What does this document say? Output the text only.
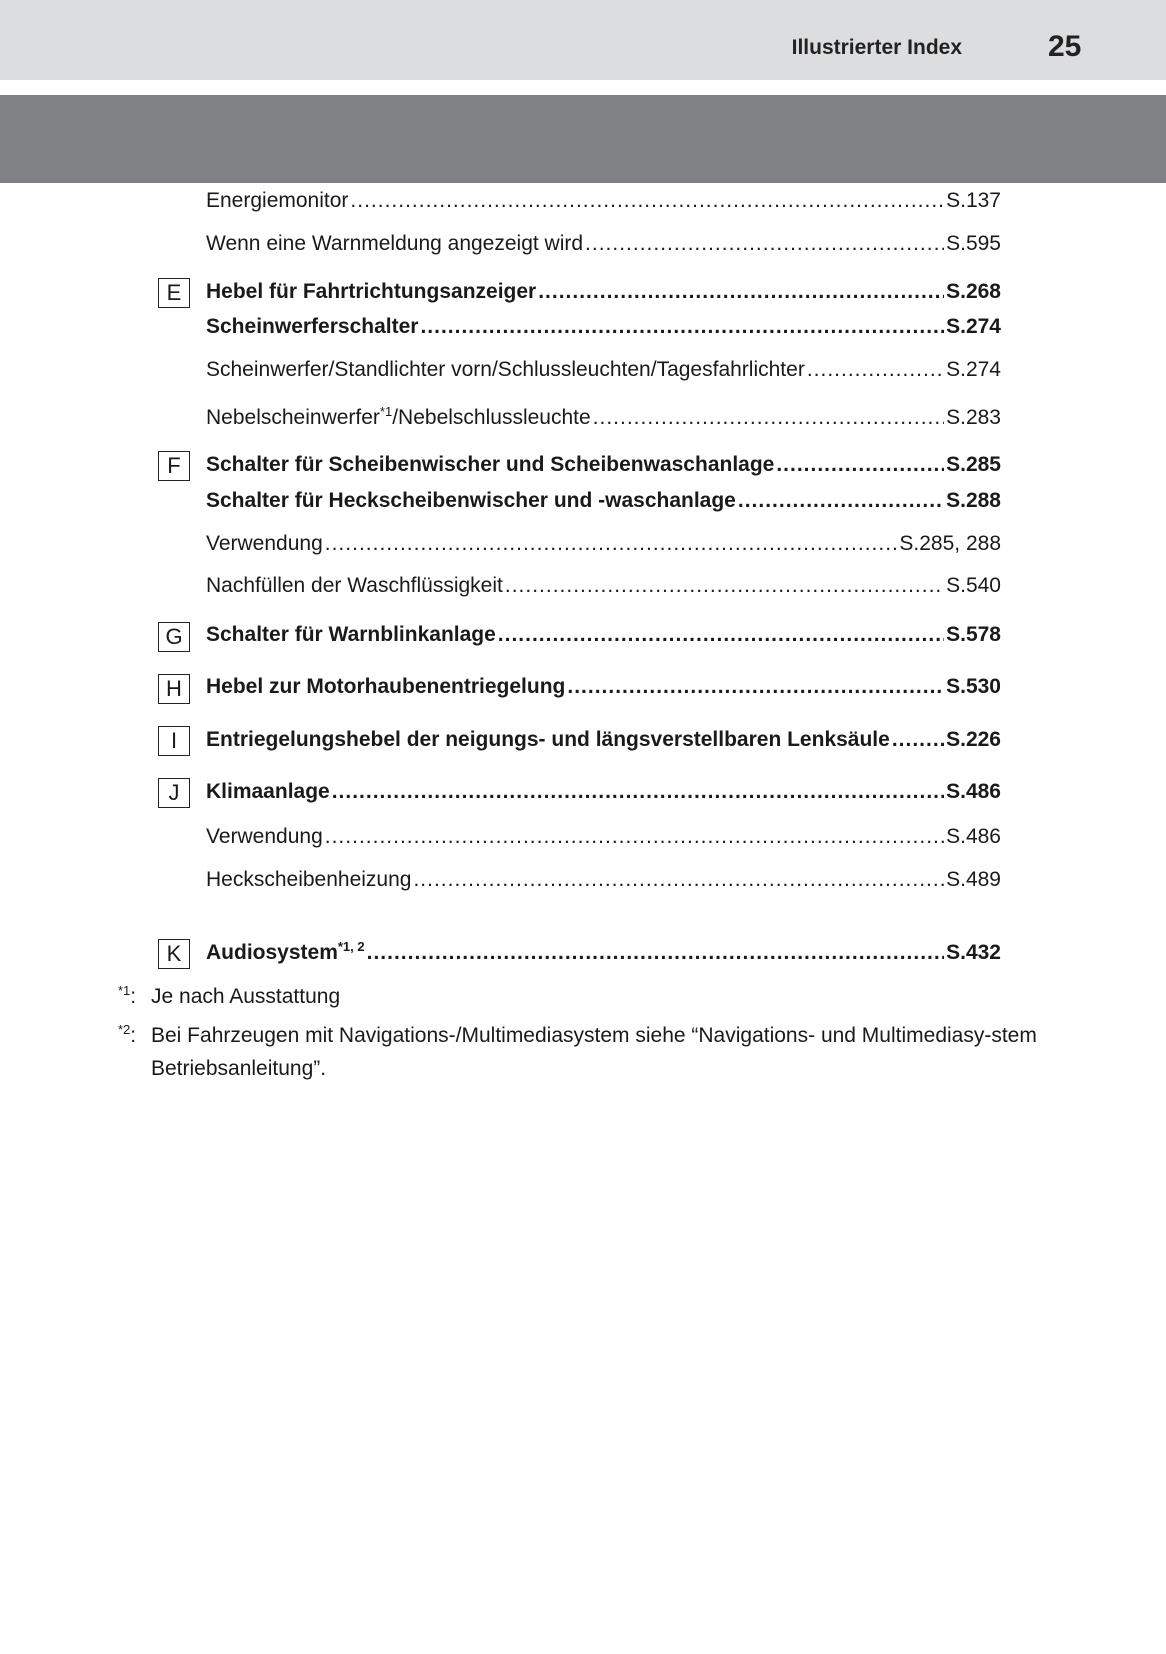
Illustrierter Index	25
Energiemonitor .....	S.137
Wenn eine Warnmeldung angezeigt wird .....	S.595
E	Hebel für Fahrtrichtungsanzeiger .....	S.268
Scheinwerferschalter .....	S.274
Scheinwerfer/Standlichter vorn/Schlussleuchten/Tagesfahrlichter .....	S.274
Nebelscheinwerfer$^{*1}$/Nebelschlussleuchte .....	S.283
F	Schalter für Scheibenwischer und Scheibenwaschanlage .....	S.285
Schalter für Heckscheibenwischer und -waschanlage .....	S.288
Verwendung .....	S.285, 288
Nachfüllen der Waschflüssigkeit .....	S.540
G	Schalter für Warnblinkanlage .....	S.578
H	Hebel zur Motorhaubenentriegelung .....	S.530
I	Entriegelungshebel der neigungs- und längsverstellbaren Lenksäule .....	S.226
J	Klimaanlage .....	S.486
Verwendung .....	S.486
Heckscheibenheizung .....	S.489
K	Audiosystem$^{*1, 2}$ .....	S.432
$^{*1}$: Je nach Ausstattung
$^{*2}$: Bei Fahrzeugen mit Navigations-/Multimediasystem siehe “Navigations- und Multimediasy-stem Betriebsanleitung”.
